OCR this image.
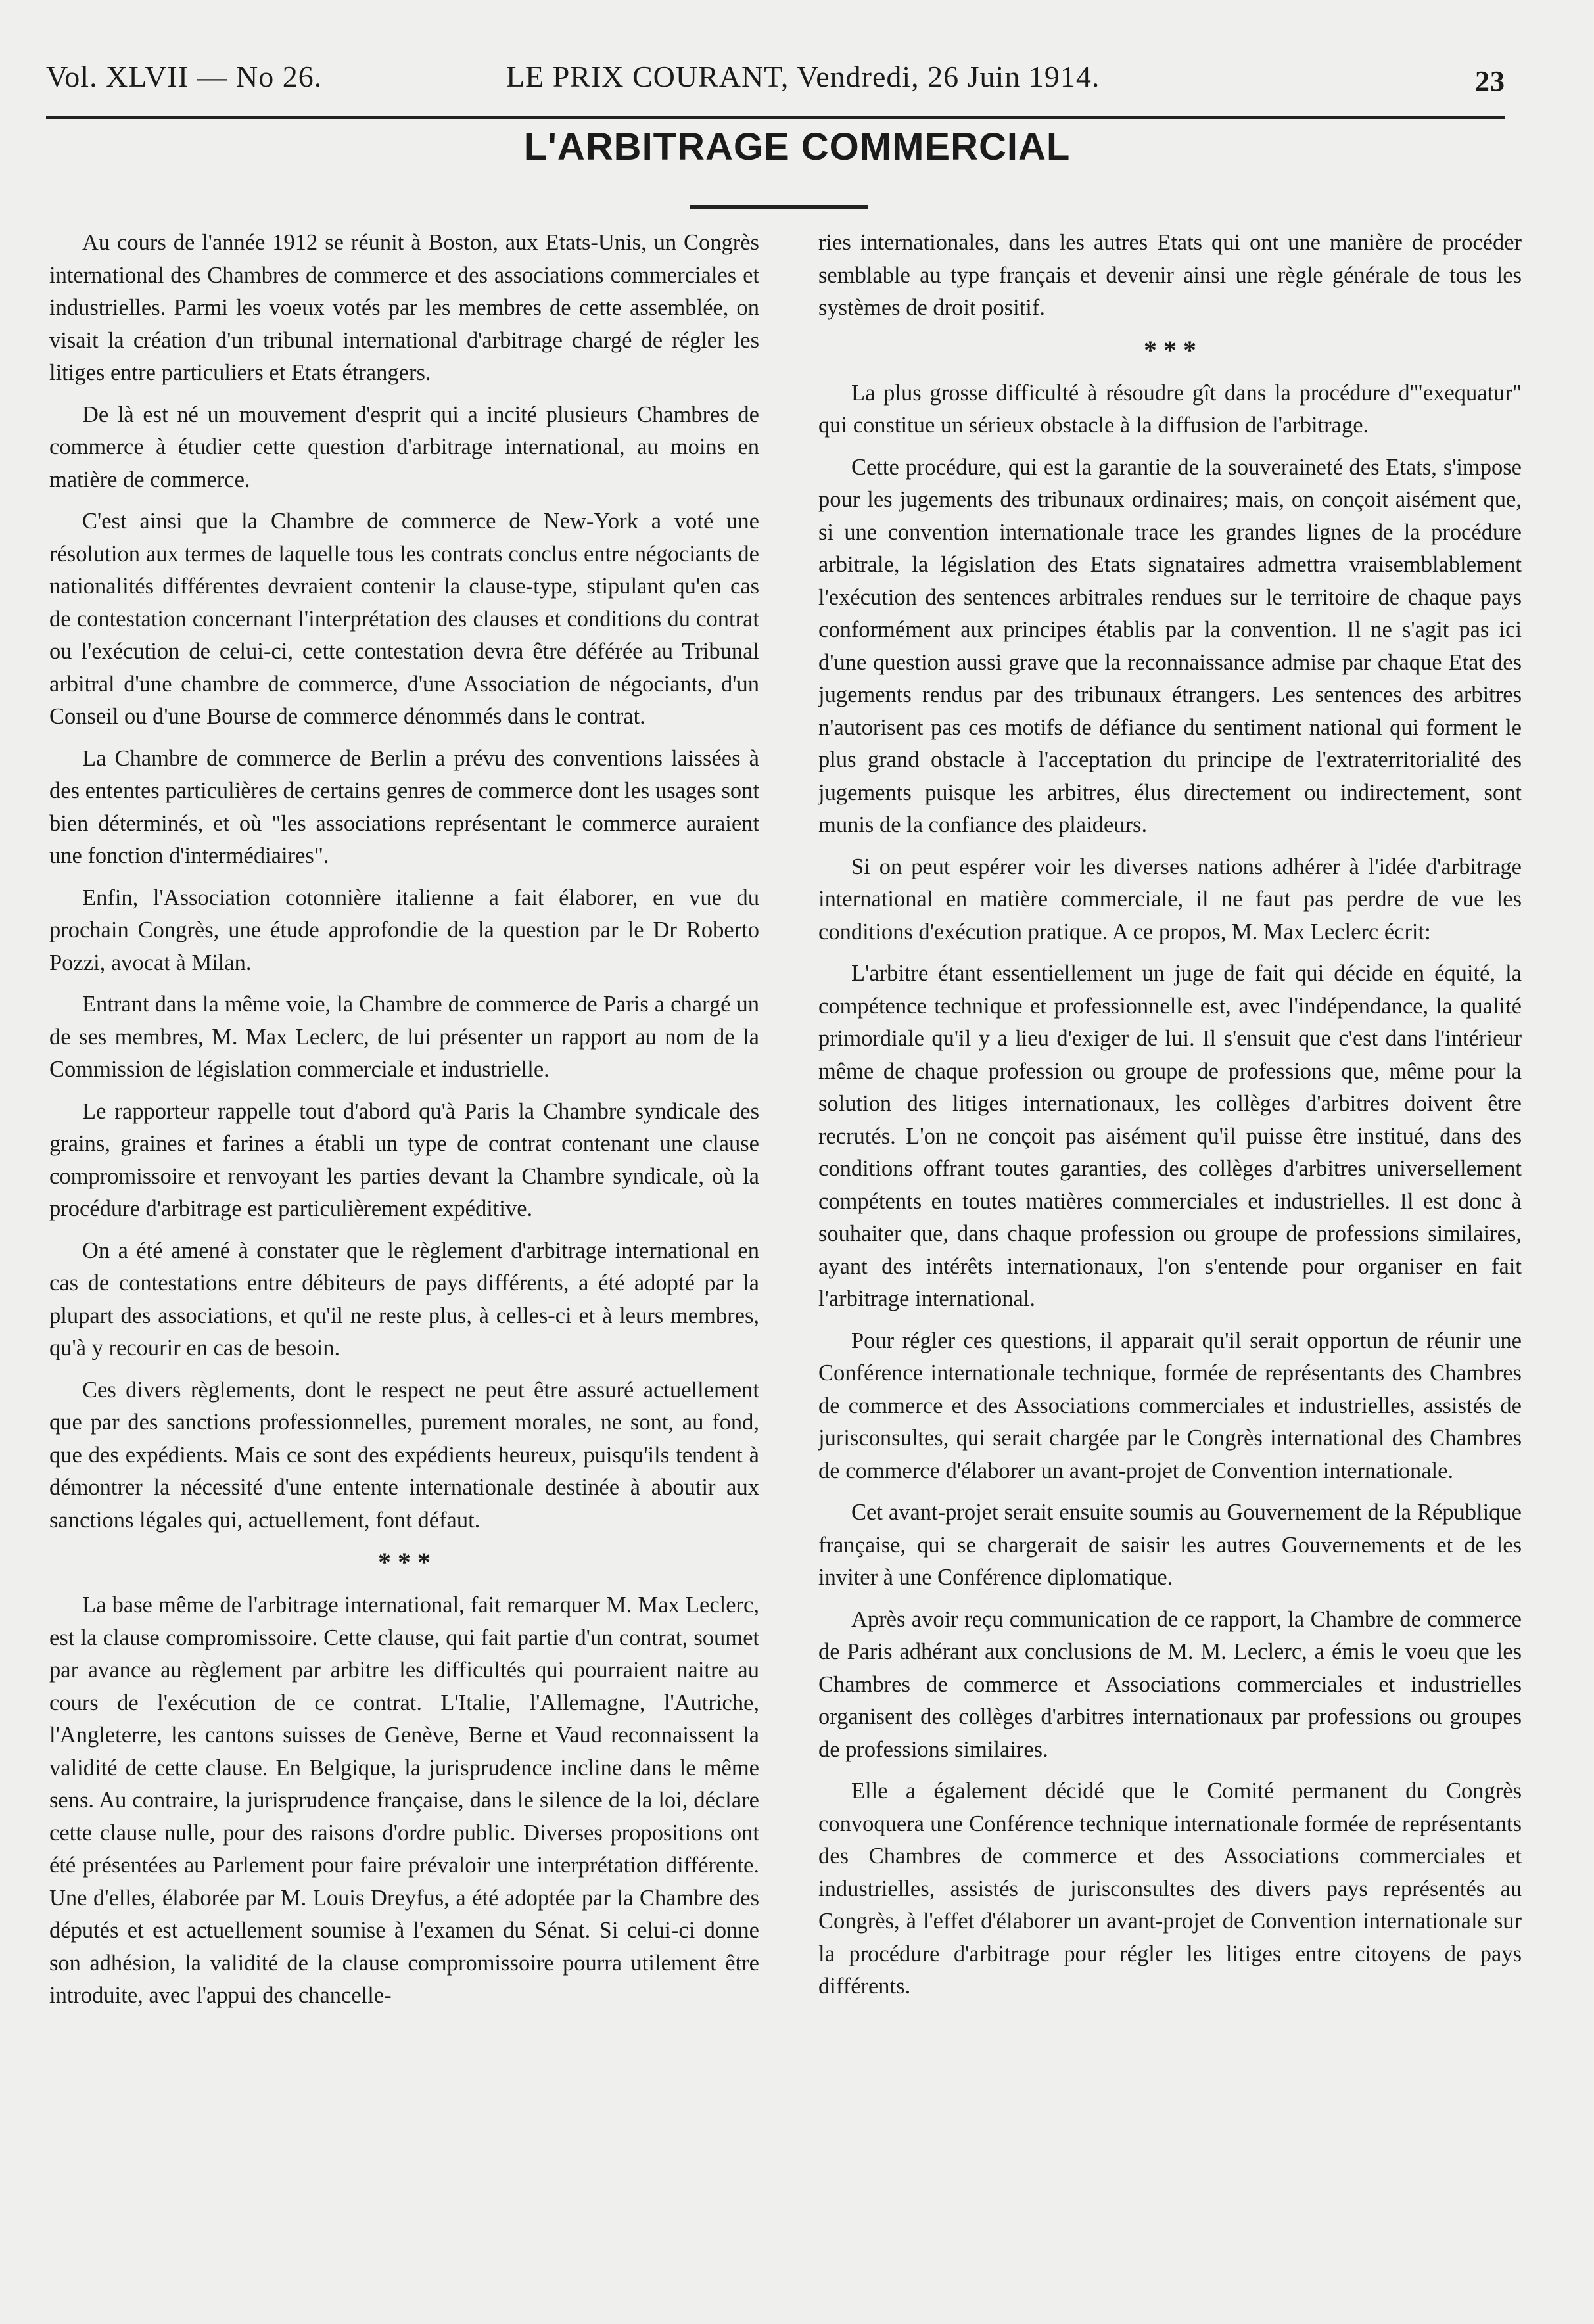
Vol. XLVII — No 26.	LE PRIX COURANT, Vendredi, 26 Juin 1914.	23
L'ARBITRAGE COMMERCIAL

Au cours de l'année 1912 se réunit à Boston, aux Etats-Unis, un Congrès international des Chambres de commerce et des associations commerciales et industrielles. Parmi les voeux votés par les membres de cette assemblée, on visait la création d'un tribunal international d'arbitrage chargé de régler les litiges entre particuliers et Etats étrangers.

De là est né un mouvement d'esprit qui a incité plusieurs Chambres de commerce à étudier cette question d'arbitrage international, au moins en matière de commerce.

C'est ainsi que la Chambre de commerce de New-York a voté une résolution aux termes de laquelle tous les contrats conclus entre négociants de nationalités différentes devraient contenir la clause-type, stipulant qu'en cas de contestation concernant l'interprétation des clauses et conditions du contrat ou l'exécution de celui-ci, cette contestation devra être déférée au Tribunal arbitral d'une chambre de commerce, d'une Association de négociants, d'un Conseil ou d'une Bourse de commerce dénommés dans le contrat.

La Chambre de commerce de Berlin a prévu des conventions laissées à des ententes particulières de certains genres de commerce dont les usages sont bien déterminés, et où "les associations représentant le commerce auraient une fonction d'intermédiaires".

Enfin, l'Association cotonnière italienne a fait élaborer, en vue du prochain Congrès, une étude approfondie de la question par le Dr Roberto Pozzi, avocat à Milan.

Entrant dans la même voie, la Chambre de commerce de Paris a chargé un de ses membres, M. Max Leclerc, de lui présenter un rapport au nom de la Commission de législation commerciale et industrielle.

Le rapporteur rappelle tout d'abord qu'à Paris la Chambre syndicale des grains, graines et farines a établi un type de contrat contenant une clause compromissoire et renvoyant les parties devant la Chambre syndicale, où la procédure d'arbitrage est particulièrement expéditive.

On a été amené à constater que le règlement d'arbitrage international en cas de contestations entre débiteurs de pays différents, a été adopté par la plupart des associations, et qu'il ne reste plus, à celles-ci et à leurs membres, qu'à y recourir en cas de besoin.

Ces divers règlements, dont le respect ne peut être assuré actuellement que par des sanctions professionnelles, purement morales, ne sont, au fond, que des expédients. Mais ce sont des expédients heureux, puisqu'ils tendent à démontrer la nécessité d'une entente internationale destinée à aboutir aux sanctions légales qui, actuellement, font défaut.

* * *

La base même de l'arbitrage international, fait remarquer M. Max Leclerc, est la clause compromissoire. Cette clause, qui fait partie d'un contrat, soumet par avance au règlement par arbitre les difficultés qui pourraient naitre au cours de l'exécution de ce contrat. L'Italie, l'Allemagne, l'Autriche, l'Angleterre, les cantons suisses de Genève, Berne et Vaud reconnaissent la validité de cette clause. En Belgique, la jurisprudence incline dans le même sens. Au contraire, la jurisprudence française, dans le silence de la loi, déclare cette clause nulle, pour des raisons d'ordre public. Diverses propositions ont été présentées au Parlement pour faire prévaloir une interprétation différente. Une d'elles, élaborée par M. Louis Dreyfus, a été adoptée par la Chambre des députés et est actuellement soumise à l'examen du Sénat. Si celui-ci donne son adhésion, la validité de la clause compromissoire pourra utilement être introduite, avec l'appui des chancelle-

ries internationales, dans les autres Etats qui ont une manière de procéder semblable au type français et devenir ainsi une règle générale de tous les systèmes de droit positif.

* * *

La plus grosse difficulté à résoudre gît dans la procédure d'"exequatur" qui constitue un sérieux obstacle à la diffusion de l'arbitrage.

Cette procédure, qui est la garantie de la souveraineté des Etats, s'impose pour les jugements des tribunaux ordinaires; mais, on conçoit aisément que, si une convention internationale trace les grandes lignes de la procédure arbitrale, la législation des Etats signataires admettra vraisemblablement l'exécution des sentences arbitrales rendues sur le territoire de chaque pays conformément aux principes établis par la convention. Il ne s'agit pas ici d'une question aussi grave que la reconnaissance admise par chaque Etat des jugements rendus par des tribunaux étrangers. Les sentences des arbitres n'autorisent pas ces motifs de défiance du sentiment national qui forment le plus grand obstacle à l'acceptation du principe de l'extraterritorialité des jugements puisque les arbitres, élus directement ou indirectement, sont munis de la confiance des plaideurs.

Si on peut espérer voir les diverses nations adhérer à l'idée d'arbitrage international en matière commerciale, il ne faut pas perdre de vue les conditions d'exécution pratique. A ce propos, M. Max Leclerc écrit:

L'arbitre étant essentiellement un juge de fait qui décide en équité, la compétence technique et professionnelle est, avec l'indépendance, la qualité primordiale qu'il y a lieu d'exiger de lui. Il s'ensuit que c'est dans l'intérieur même de chaque profession ou groupe de professions que, même pour la solution des litiges internationaux, les collèges d'arbitres doivent être recrutés. L'on ne conçoit pas aisément qu'il puisse être institué, dans des conditions offrant toutes garanties, des collèges d'arbitres universellement compétents en toutes matières commerciales et industrielles. Il est donc à souhaiter que, dans chaque profession ou groupe de professions similaires, ayant des intérêts internationaux, l'on s'entende pour organiser en fait l'arbitrage international.

Pour régler ces questions, il apparait qu'il serait opportun de réunir une Conférence internationale technique, formée de représentants des Chambres de commerce et des Associations commerciales et industrielles, assistés de jurisconsultes, qui serait chargée par le Congrès international des Chambres de commerce d'élaborer un avant-projet de Convention internationale.

Cet avant-projet serait ensuite soumis au Gouvernement de la République française, qui se chargerait de saisir les autres Gouvernements et de les inviter à une Conférence diplomatique.

Après avoir reçu communication de ce rapport, la Chambre de commerce de Paris adhérant aux conclusions de M. M. Leclerc, a émis le voeu que les Chambres de commerce et Associations commerciales et industrielles organisent des collèges d'arbitres internationaux par professions ou groupes de professions similaires.

Elle a également décidé que le Comité permanent du Congrès convoquera une Conférence technique internationale formée de représentants des Chambres de commerce et des Associations commerciales et industrielles, assistés de jurisconsultes des divers pays représentés au Congrès, à l'effet d'élaborer un avant-projet de Convention internationale sur la procédure d'arbitrage pour régler les litiges entre citoyens de pays différents.
